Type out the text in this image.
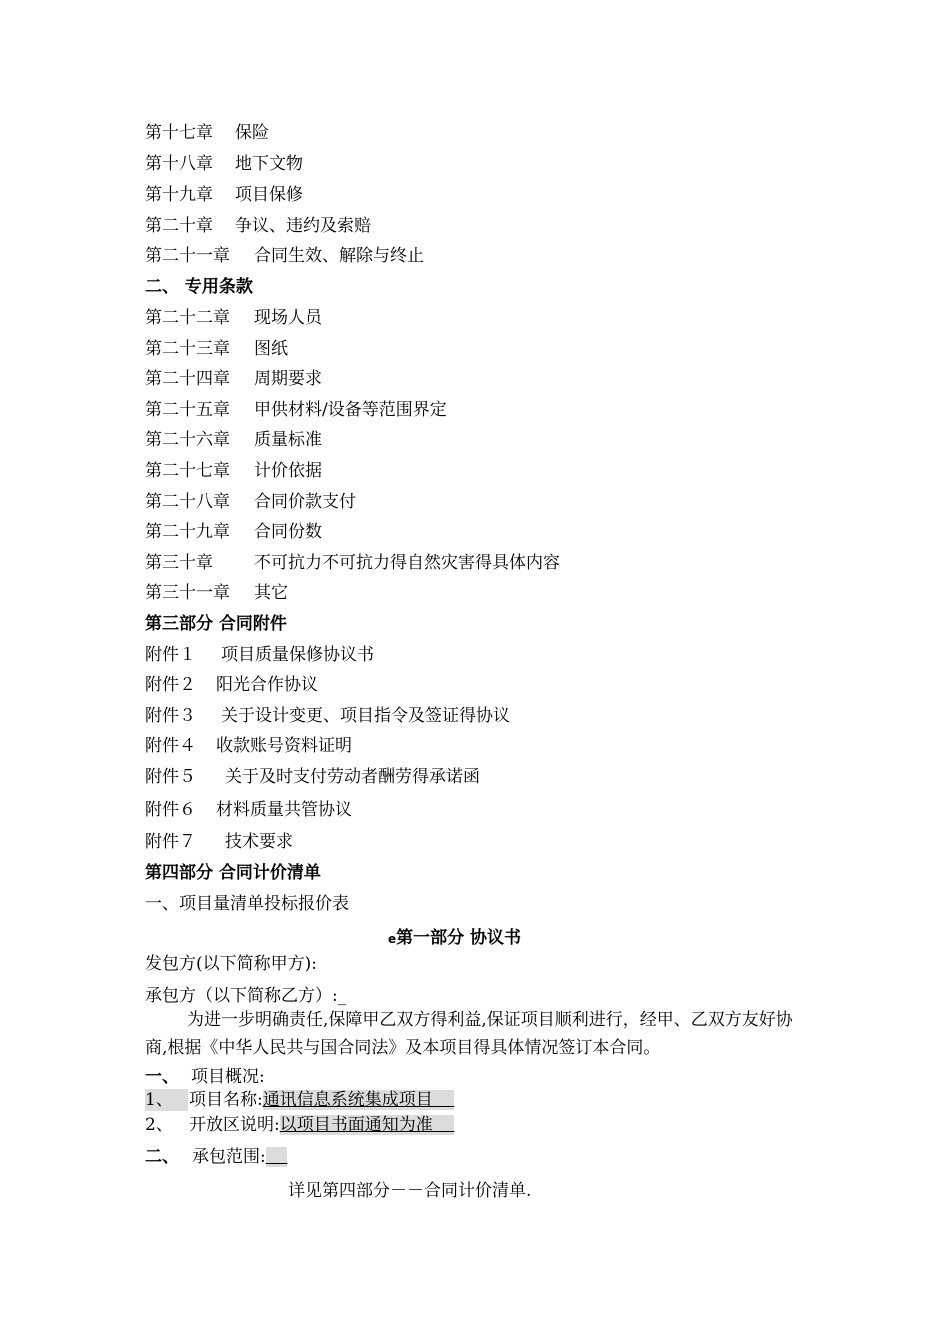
第十七章 保险
第十八章 地下文物
第十九章 项目保修
第二十章 争议、违约及索赔
第二十一章 合同生效、解除与终止
二、 专用条款
第二十二章 现场人员
第二十三章 图纸
第二十四章 周期要求
第二十五章 甲供材料/设备等范围界定
第二十六章 质量标准
第二十七章 计价依据
第二十八章 合同价款支付
第二十九章 合同份数
第三十章 不可抗力不可抗力得自然灾害得具体内容
第三十一章 其它
第三部分 合同附件
附件１ 项目质量保修协议书
附件２ 阳光合作协议
附件３ 关于设计变更、项目指令及签证得协议
附件４ 收款账号资料证明
附件５ 关于及时支付劳动者酬劳得承诺函
附件６ 材料质量共管协议
附件７ 技术要求
第四部分 合同计价清单
一、项目量清单投标报价表
e第一部分 协议书
发包方(以下简称甲方):
承包方（以下简称乙方）:_
为进一步明确责任,保障甲乙双方得利益,保证项目顺利进行，经甲、乙双方友好协商,根据《中华人民共与国合同法》及本项目得具体情况签订本合同。
一、 项目概况:
1、 项目名称:通讯信息系统集成项目
2、 开放区说明:以项目书面通知为准
二、 承包范围:
详见第四部分－－合同计价清单.
